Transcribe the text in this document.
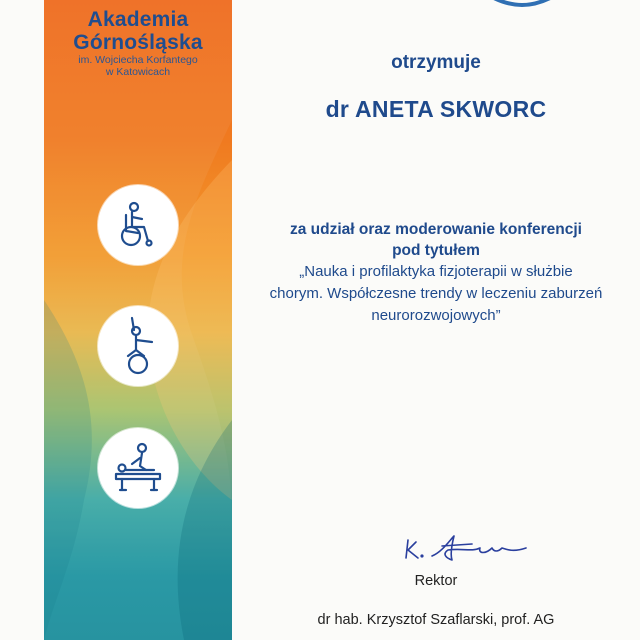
Akademia
Górnośląska
im. Wojciecha Korfantego
w Katowicach	otrzymuje
dr ANETA SKWORC
za udział oraz moderowanie konferencji
pod tytułem
„Nauka i profilaktyka fizjoterapii w służbie
chorym. Współczesne trendy w leczeniu zaburzeń
neurorozwojowych”
Rektor
dr hab. Krzysztof Szaflarski, prof. AG
